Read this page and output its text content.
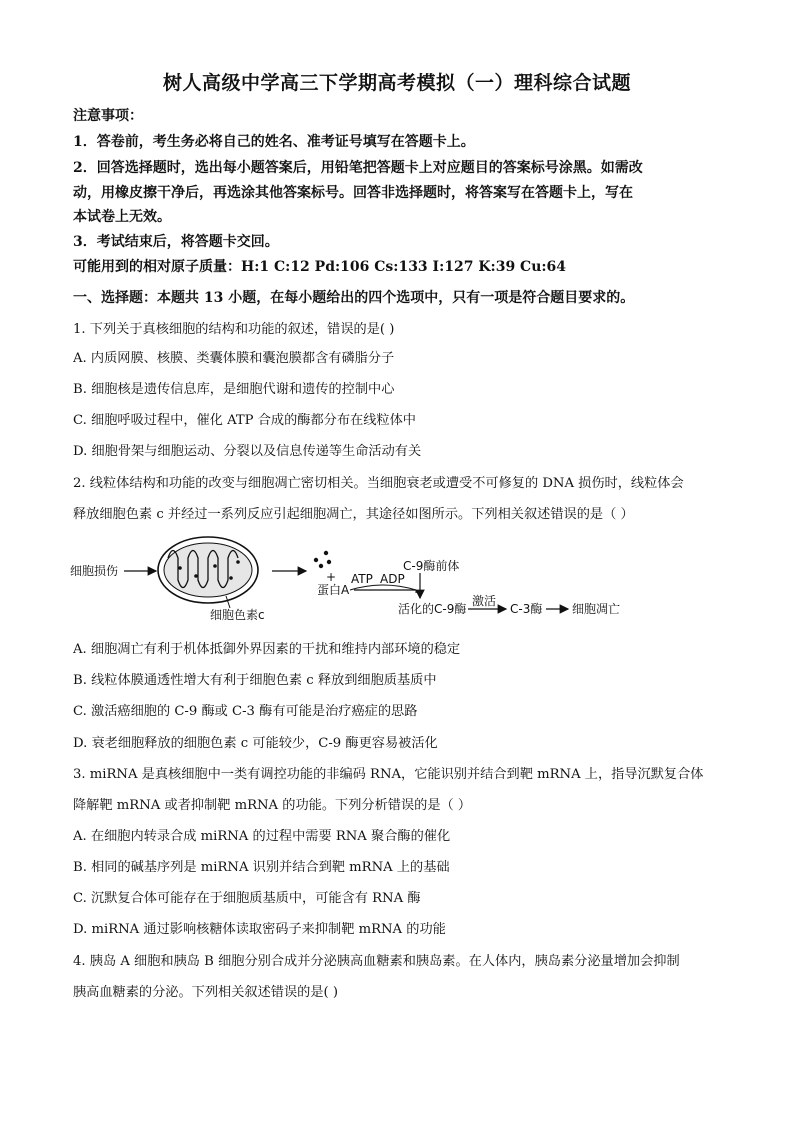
树人高级中学高三下学期高考模拟（一）理科综合试题
注意事项：
1．答卷前，考生务必将自己的姓名、准考证号填写在答题卡上。
2．回答选择题时，选出每小题答案后，用铅笔把答题卡上对应题目的答案标号涂黑。如需改
动，用橡皮擦干净后，再选涂其他答案标号。回答非选择题时，将答案写在答题卡上，写在
本试卷上无效。
3．考试结束后，将答题卡交回。
可能用到的相对原子质量：H:1 C:12 Pd:106 Cs:133 I:127 K:39 Cu:64
一、选择题：本题共 13 小题，在每小题给出的四个选项中，只有一项是符合题目要求的。
1. 下列关于真核细胞的结构和功能的叙述，错误的是( )
A. 内质网膜、核膜、类囊体膜和囊泡膜都含有磷脂分子
B. 细胞核是遗传信息库，是细胞代谢和遗传的控制中心
C. 细胞呼吸过程中，催化 ATP 合成的酶都分布在线粒体中
D. 细胞骨架与细胞运动、分裂以及信息传递等生命活动有关
2. 线粒体结构和功能的改变与细胞凋亡密切相关。当细胞衰老或遭受不可修复的 DNA 损伤时，线粒体会
释放细胞色素 c 并经过一系列反应引起细胞凋亡，其途径如图所示。下列相关叙述错误的是（ ）
细胞损伤
细胞色素c
+
蛋白A
C-9酶前体
ATP ADP
活化的C-9酶
激活
C-3酶 细胞凋亡
A. 细胞凋亡有利于机体抵御外界因素的干扰和维持内部环境的稳定
B. 线粒体膜通透性增大有利于细胞色素 c 释放到细胞质基质中
C. 激活癌细胞的 C-9 酶或 C-3 酶有可能是治疗癌症的思路
D. 衰老细胞释放的细胞色素 c 可能较少，C-9 酶更容易被活化
3. miRNA 是真核细胞中一类有调控功能的非编码 RNA，它能识别并结合到靶 mRNA 上，指导沉默复合体
降解靶 mRNA 或者抑制靶 mRNA 的功能。下列分析错误的是（ ）
A. 在细胞内转录合成 miRNA 的过程中需要 RNA 聚合酶的催化
B. 相同的碱基序列是 miRNA 识别并结合到靶 mRNA 上的基础
C. 沉默复合体可能存在于细胞质基质中，可能含有 RNA 酶
D. miRNA 通过影响核糖体读取密码子来抑制靶 mRNA 的功能
4. 胰岛 A 细胞和胰岛 B 细胞分别合成并分泌胰高血糖素和胰岛素。在人体内，胰岛素分泌量增加会抑制
胰高血糖素的分泌。下列相关叙述错误的是( )
